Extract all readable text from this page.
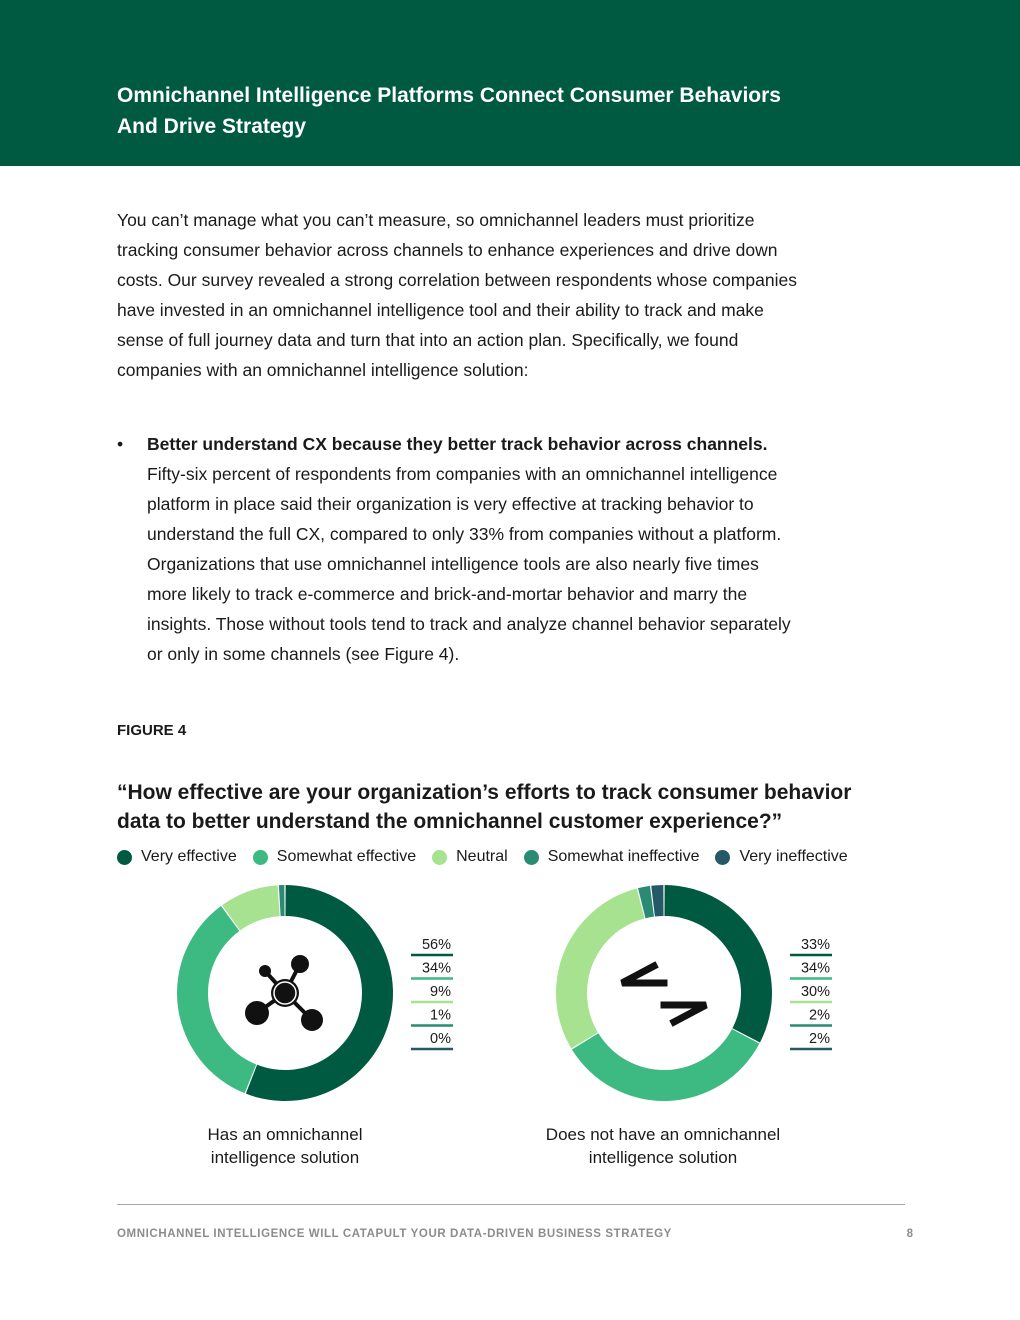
Omnichannel Intelligence Platforms Connect Consumer Behaviors
And Drive Strategy

You can’t manage what you can’t measure, so omnichannel leaders must prioritize tracking consumer behavior across channels to enhance experiences and drive down costs. Our survey revealed a strong correlation between respondents whose companies have invested in an omnichannel intelligence tool and their ability to track and make sense of full journey data and turn that into an action plan. Specifically, we found companies with an omnichannel intelligence solution:

• Better understand CX because they better track behavior across channels. Fifty-six percent of respondents from companies with an omnichannel intelligence platform in place said their organization is very effective at tracking behavior to understand the full CX, compared to only 33% from companies without a platform. Organizations that use omnichannel intelligence tools are also nearly five times more likely to track e-commerce and brick-and-mortar behavior and marry the insights. Those without tools tend to track and analyze channel behavior separately or only in some channels (see Figure 4).

FIGURE 4
“How effective are your organization’s efforts to track consumer behavior
data to better understand the omnichannel customer experience?”
Very effective	Somewhat effective	Neutral	Somewhat ineffective	Very ineffective
56%
34%
9%
1%
0%
33%
34%
30%
2%
2%
Has an omnichannel
intelligence solution
Does not have an omnichannel
intelligence solution
OMNICHANNEL INTELLIGENCE WILL CATAPULT YOUR DATA-DRIVEN BUSINESS STRATEGY	8
